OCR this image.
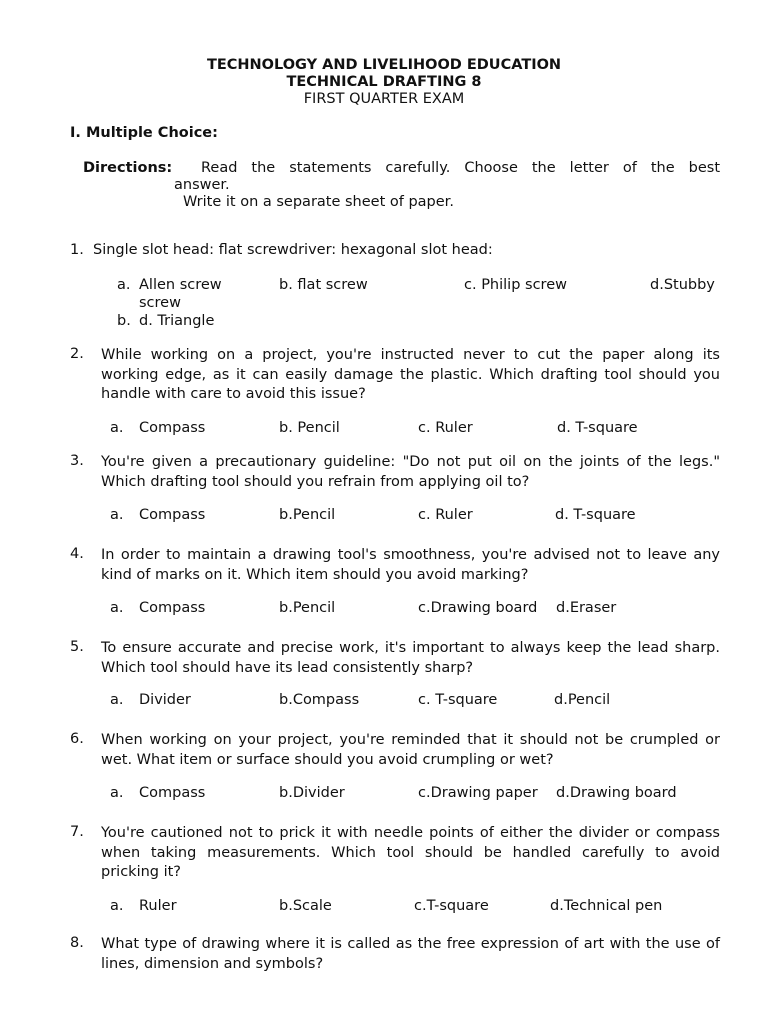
TECHNOLOGY AND LIVELIHOOD EDUCATION
TECHNICAL DRAFTING 8
FIRST QUARTER EXAM
I. Multiple Choice:
Directions: Read the statements carefully. Choose the letter of the best
answer.
Write it on a separate sheet of paper.
1. Single slot head: flat screwdriver: hexagonal slot head:
a. Allen screw	b. flat screw	c. Philip screw	d.Stubby
screw
b. d. Triangle
2. While working on a project, you're instructed never to cut the paper along its working edge, as it can easily damage the plastic. Which drafting tool should you handle with care to avoid this issue?
a. Compass	b. Pencil	c. Ruler	d. T-square
3. You're given a precautionary guideline: "Do not put oil on the joints of the legs." Which drafting tool should you refrain from applying oil to?
a. Compass	b.Pencil	c. Ruler	d. T-square
4. In order to maintain a drawing tool's smoothness, you're advised not to leave any kind of marks on it. Which item should you avoid marking?
a. Compass	b.Pencil	c.Drawing board d.Eraser
5. To ensure accurate and precise work, it's important to always keep the lead sharp. Which tool should have its lead consistently sharp?
a. Divider	b.Compass	c. T-square	d.Pencil
6. When working on your project, you're reminded that it should not be crumpled or wet. What item or surface should you avoid crumpling or wet?
a. Compass	b.Divider	c.Drawing paper d.Drawing board
7. You're cautioned not to prick it with needle points of either the divider or compass when taking measurements. Which tool should be handled carefully to avoid pricking it?
a. Ruler	b.Scale	c.T-square	d.Technical pen
8. What type of drawing where it is called as the free expression of art with the use of lines, dimension and symbols?
